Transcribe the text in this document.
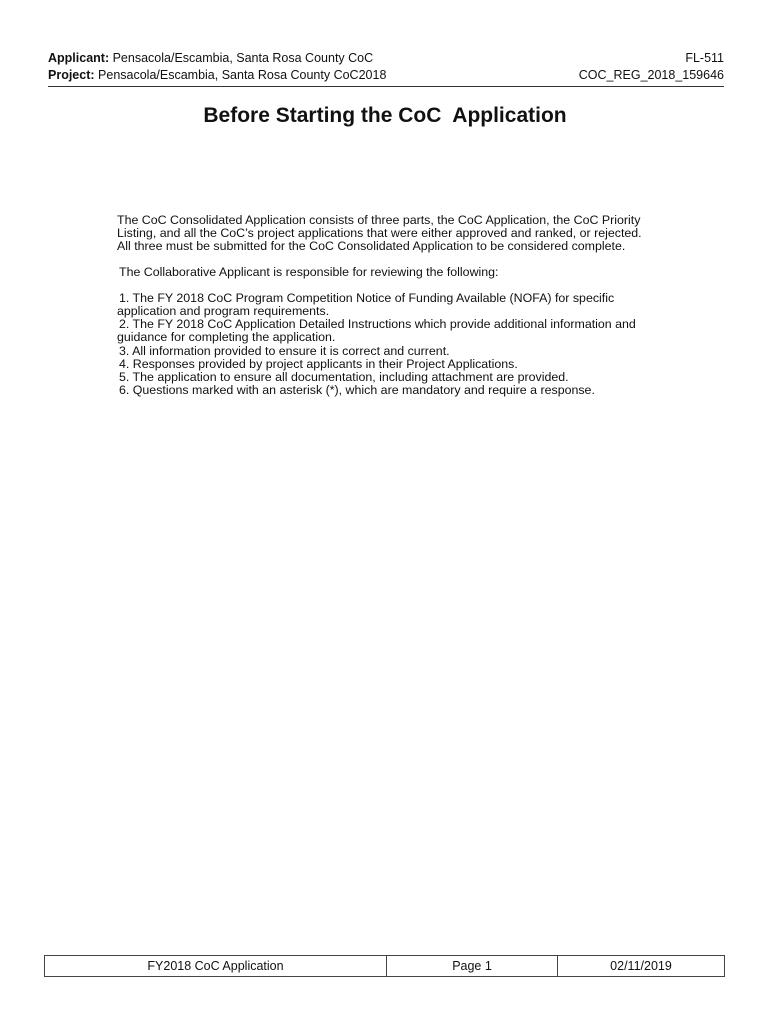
Applicant: Pensacola/Escambia, Santa Rosa County CoC	FL-511
Project: Pensacola/Escambia, Santa Rosa County CoC2018	COC_REG_2018_159646
Before Starting the CoC  Application

The CoC Consolidated Application consists of three parts, the CoC Application, the CoC Priority
Listing, and all the CoC’s project applications that were either approved and ranked, or rejected.
All three must be submitted for the CoC Consolidated Application to be considered complete.

The Collaborative Applicant is responsible for reviewing the following:

1. The FY 2018 CoC Program Competition Notice of Funding Available (NOFA) for specific

application and program requirements.

2. The FY 2018 CoC Application Detailed Instructions which provide additional information and

guidance for completing the application.

3. All information provided to ensure it is correct and current.

4. Responses provided by project applicants in their Project Applications.

5. The application to ensure all documentation, including attachment are provided.

6. Questions marked with an asterisk (*), which are mandatory and require a response.

FY2018 CoC Application	Page 1	02/11/2019
